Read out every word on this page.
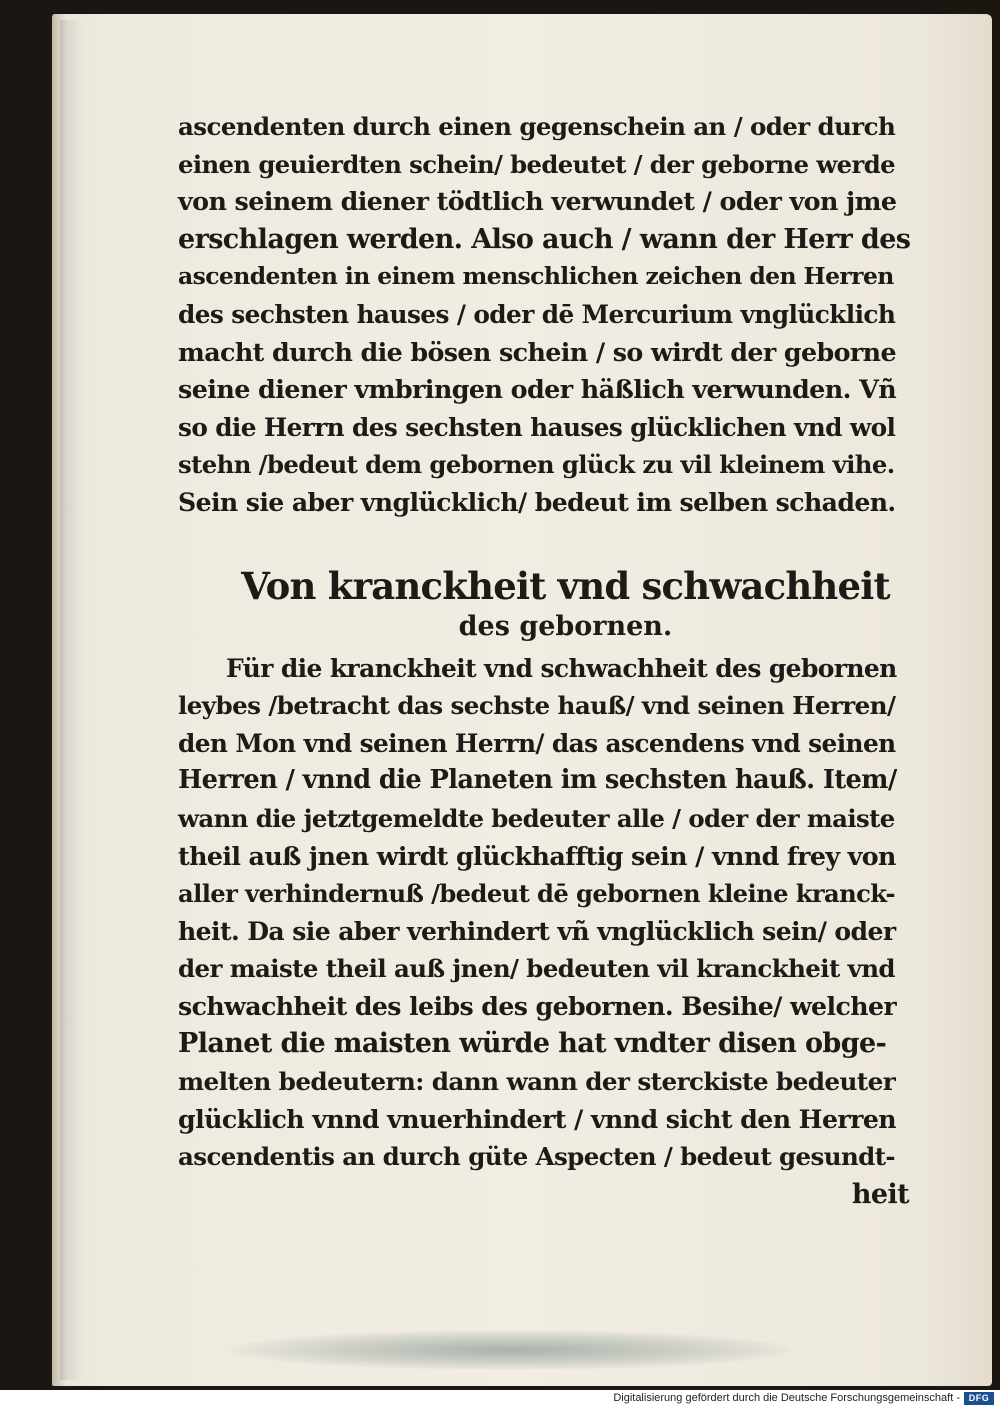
ascendenten durch einen gegenschein an / oder durch
einen geuierdten schein/ bedeutet / der geborne werde
von seinem diener tödtlich verwundet / oder von jme
erschlagen werden. Also auch / wann der Herr des
ascendenten in einem menschlichen zeichen den Herren
des sechsten hauses / oder dē Mercurium vnglücklich
macht durch die bösen schein / so wirdt der geborne
seine diener vmbringen oder häßlich verwunden. Vñ
so die Herrn des sechsten hauses glücklichen vnd wol
stehn /bedeut dem gebornen glück zu vil kleinem vihe.
Sein sie aber vnglücklich/ bedeut im selben schaden.
Von kranckheit vnd schwachheit
des gebornen.
Für die kranckheit vnd schwachheit des gebornen
leybes /betracht das sechste hauß/ vnd seinen Herren/
den Mon vnd seinen Herrn/ das ascendens vnd seinen
Herren / vnnd die Planeten im sechsten hauß. Item/
wann die jetztgemeldte bedeuter alle / oder der maiste
theil auß jnen wirdt glückhafftig sein / vnnd frey von
aller verhindernuß /bedeut dē gebornen kleine kranck-
heit. Da sie aber verhindert vñ vnglücklich sein/ oder
der maiste theil auß jnen/ bedeuten vil kranckheit vnd
schwachheit des leibs des gebornen. Besihe/ welcher
Planet die maisten würde hat vndter disen obge-
melten bedeutern: dann wann der sterckiste bedeuter
glücklich vnnd vnuerhindert / vnnd sicht den Herren
ascendentis an durch güte Aspecten / bedeut gesundt-
heit
Digitalisierung gefördert durch die Deutsche Forschungsgemeinschaft - DFG
